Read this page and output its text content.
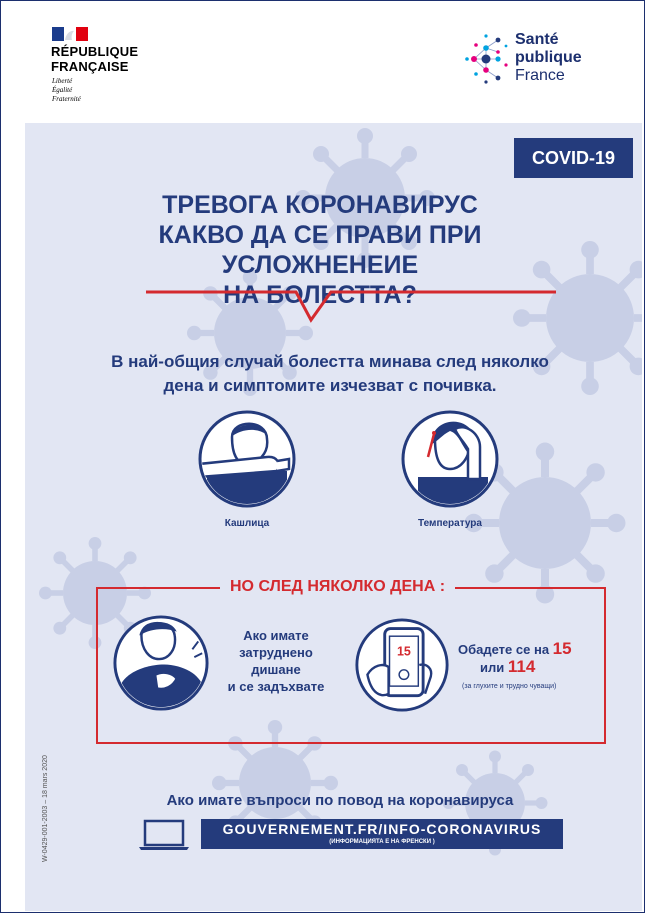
RÉPUBLIQUE
FRANÇAISE
Liberté
Égalité
Fraternité
Santé
publique
France
COVID-19
ТРЕВОГА КОРОНАВИРУС
КАКВО ДА СЕ ПРАВИ ПРИ УСЛОЖНЕНЕИЕ
НА БОЛЕСТТА?
В най-общия случай болестта минава след няколко
дена и симптомите изчезват с почивка.
Кашлица	Температура
НО СЛЕД НЯКОЛКО ДЕНА :
Ако имате
затруднено
дишане
и се задъхвате
15	Обадете се на 15
или 114
(за глухите и трудно чуващи)
Ако имате въпроси по повод на коронавируса
GOUVERNEMENT.FR/INFO-CORONAVIRUS
(ИНФОРМАЦИЯТА Е НА ФРЕНСКИ )
W-0429-001-2003 – 18 mars 2020
